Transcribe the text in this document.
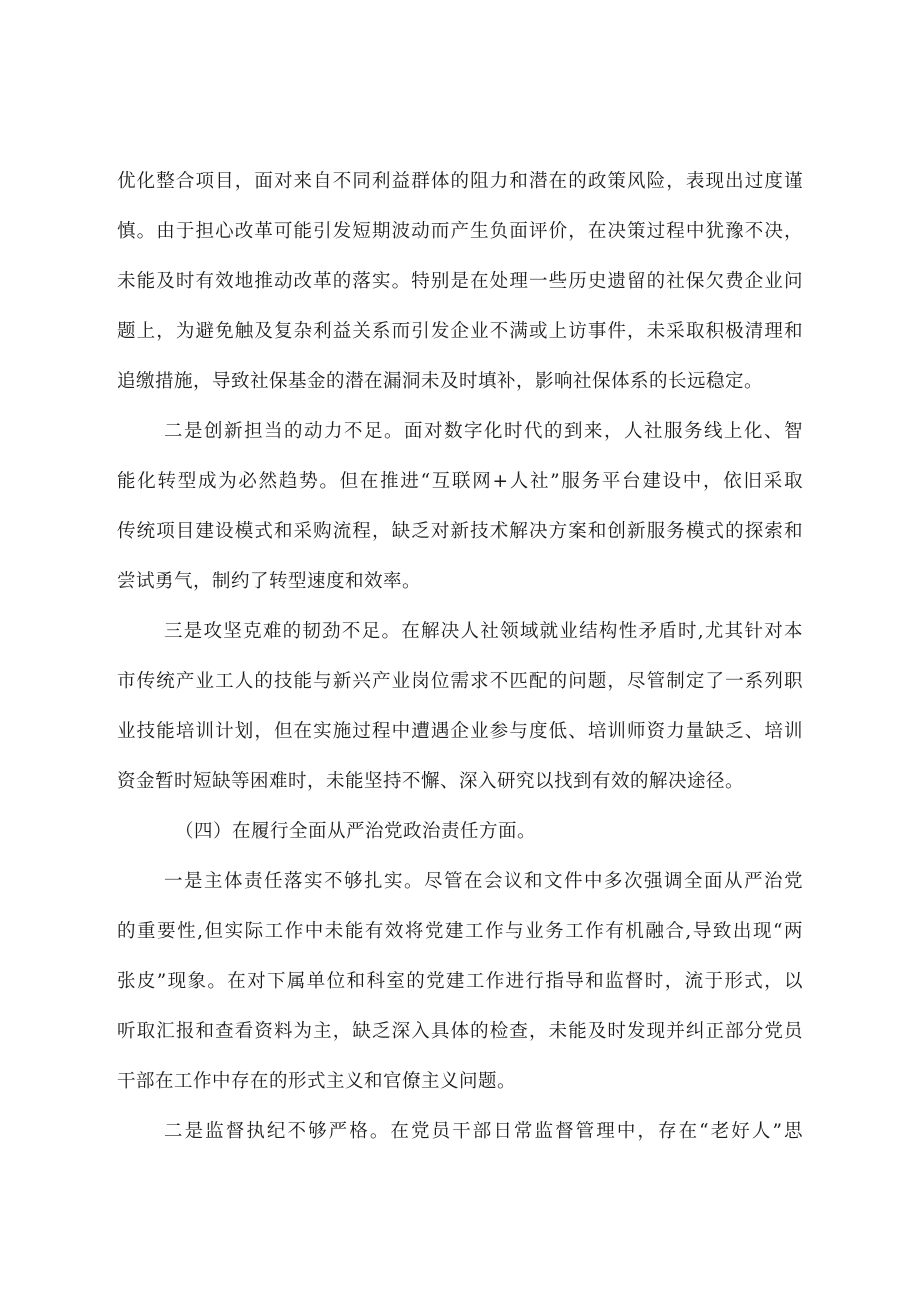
优化整合项目，面对来自不同利益群体的阻力和潜在的政策风险，表现出过度谨
慎。由于担心改革可能引发短期波动而产生负面评价，在决策过程中犹豫不决，
未能及时有效地推动改革的落实。特别是在处理一些历史遗留的社保欠费企业问
题上，为避免触及复杂利益关系而引发企业不满或上访事件，未采取积极清理和
追缴措施，导致社保基金的潜在漏洞未及时填补，影响社保体系的长远稳定。
二是创新担当的动力不足。面对数字化时代的到来，人社服务线上化、智
能化转型成为必然趋势。但在推进“互联网+人社”服务平台建设中，依旧采取
传统项目建设模式和采购流程，缺乏对新技术解决方案和创新服务模式的探索和
尝试勇气，制约了转型速度和效率。
三是攻坚克难的韧劲不足。在解决人社领域就业结构性矛盾时,尤其针对本
市传统产业工人的技能与新兴产业岗位需求不匹配的问题，尽管制定了一系列职
业技能培训计划，但在实施过程中遭遇企业参与度低、培训师资力量缺乏、培训
资金暂时短缺等困难时，未能坚持不懈、深入研究以找到有效的解决途径。
（四）在履行全面从严治党政治责任方面。
一是主体责任落实不够扎实。尽管在会议和文件中多次强调全面从严治党
的重要性,但实际工作中未能有效将党建工作与业务工作有机融合,导致出现“两
张皮”现象。在对下属单位和科室的党建工作进行指导和监督时，流于形式，以
听取汇报和查看资料为主，缺乏深入具体的检查，未能及时发现并纠正部分党员
干部在工作中存在的形式主义和官僚主义问题。
二是监督执纪不够严格。在党员干部日常监督管理中，存在“老好人”思
